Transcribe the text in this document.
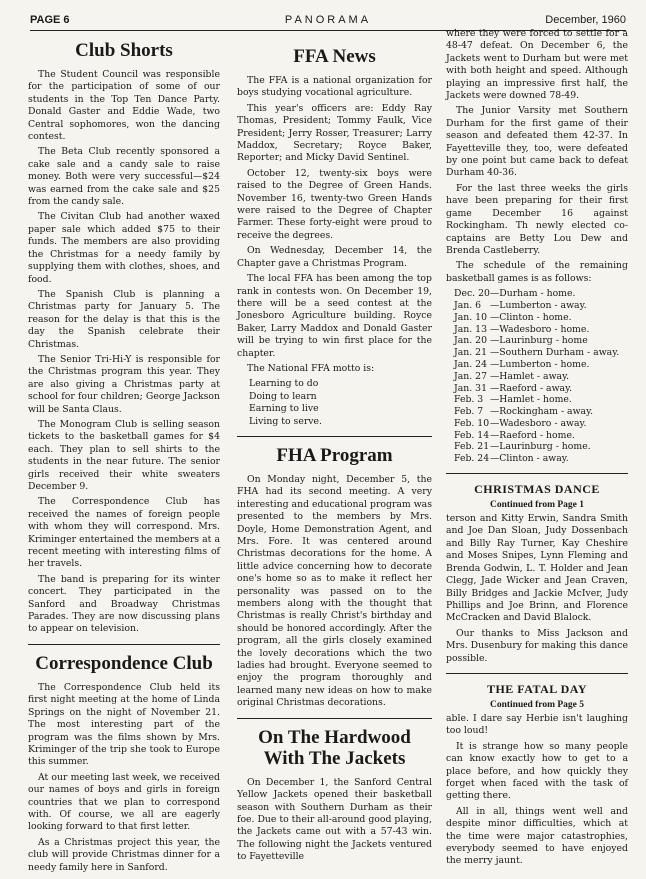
PAGE 6	PANORAMA	December, 1960
Club Shorts

The Student Council was responsible for the participation of some of our students in the Top Ten Dance Party. Donald Gaster and Eddie Wade, two Central sophomores, won the dancing contest.

The Beta Club recently sponsored a cake sale and a candy sale to raise money. Both were very successful—$24 was earned from the cake sale and $25 from the candy sale.

The Civitan Club had another waxed paper sale which added $75 to their funds. The members are also providing the Christmas for a needy family by supplying them with clothes, shoes, and food.

The Spanish Club is planning a Christmas party for January 5. The reason for the delay is that this is the day the Spanish celebrate their Christmas.

The Senior Tri-Hi-Y is responsible for the Christmas program this year. They are also giving a Christmas party at school for four children; George Jackson will be Santa Claus.

The Monogram Club is selling season tickets to the basketball games for $4 each. They plan to sell shirts to the students in the near future. The senior girls received their white sweaters December 9.

The Correspondence Club has received the names of foreign people with whom they will correspond. Mrs. Kriminger entertained the members at a recent meeting with interesting films of her travels.

The band is preparing for its winter concert. They participated in the Sanford and Broadway Christmas Parades. They are now discussing plans to appear on television.

Correspondence Club

The Correspondence Club held its first night meeting at the home of Linda Springs on the night of November 21. The most interesting part of the program was the films shown by Mrs. Kriminger of the trip she took to Europe this summer.

At our meeting last week, we received our names of boys and girls in foreign countries that we plan to correspond with. Of course, we all are eagerly looking forward to that first letter.

As a Christmas project this year, the club will provide Christmas dinner for a needy family here in Sanford.

FFA News

The FFA is a national organization for boys studying vocational agriculture.

This year's officers are: Eddy Ray Thomas, President; Tommy Faulk, Vice President; Jerry Rosser, Treasurer; Larry Maddox, Secretary; Royce Baker, Reporter; and Micky David Sentinel.

October 12, twenty-six boys were raised to the Degree of Green Hands. November 16, twenty-two Green Hands were raised to the Degree of Chapter Farmer. These forty-eight were proud to receive the degrees.

On Wednesday, December 14, the Chapter gave a Christmas Program.

The local FFA has been among the top rank in contests won. On December 19, there will be a seed contest at the Jonesboro Agriculture building. Royce Baker, Larry Maddox and Donald Gaster will be trying to win first place for the chapter.

The National FFA motto is:

Learning to do
Doing to learn
Earning to live
Living to serve.
FHA Program

On Monday night, December 5, the FHA had its second meeting. A very interesting and educational program was presented to the members by Mrs. Doyle, Home Demonstration Agent, and Mrs. Fore. It was centered around Christmas decorations for the home. A little advice concerning how to decorate one's home so as to make it reflect her personality was passed on to the members along with the thought that Christmas is really Christ's birthday and should be honored accordingly. After the program, all the girls closely examined the lovely decorations which the two ladies had brought. Everyone seemed to enjoy the program thoroughly and learned many new ideas on how to make original Christmas decorations.

On The Hardwood With The Jackets

On December 1, the Sanford Central Yellow Jackets opened their basketball season with Southern Durham as their foe. Due to their all-around good playing, the Jackets came out with a 57-43 win. The following night the Jackets ventured to Fayetteville

where they were forced to settle for a 48-47 defeat. On December 6, the Jackets went to Durham but were met with both height and speed. Although playing an impressive first half, the Jackets were downed 78-49.

The Junior Varsity met Southern Durham for the first game of their season and defeated them 42-37. In Fayetteville they, too, were defeated by one point but came back to defeat Durham 40-36.

For the last three weeks the girls have been preparing for their first game December 16 against Rockingham. Th newly elected co-captains are Betty Lou Dew and Brenda Castleberry.

The schedule of the remaining basketball games is as follows:

Dec. 20 —Durham - home.
Jan. 6 —Lumberton - away.
Jan. 10 —Clinton - home.
Jan. 13 —Wadesboro - home.
Jan. 20 —Laurinburg - home
Jan. 21 —Southern Durham - away.
Jan. 24 —Lumberton - home.
Jan. 27 —Hamlet - away.
Jan. 31 —Raeford - away.
Feb. 3 —Hamlet - home.
Feb. 7 —Rockingham - away.
Feb. 10 —Wadesboro - away.
Feb. 14 —Raeford - home.
Feb. 21 —Laurinburg - home.
Feb. 24 —Clinton - away.
CHRISTMAS DANCE
Continued from Page 1

terson and Kitty Erwin, Sandra Smith and Joe Dan Sloan, Judy Dossenbach and Billy Ray Turner, Kay Cheshire and Moses Snipes, Lynn Fleming and Brenda Godwin, L. T. Holder and Jean Clegg, Jade Wicker and Jean Craven, Billy Bridges and Jackie McIver, Judy Phillips and Joe Brinn, and Florence McCracken and David Blalock.

Our thanks to Miss Jackson and Mrs. Dusenbury for making this dance possible.

THE FATAL DAY
Continued from Page 5

able. I dare say Herbie isn't laughing too loud!

It is strange how so many people can know exactly how to get to a place before, and how quickly they forget when faced with the task of getting there.

All in all, things went well and despite minor difficulties, which at the time were major catastrophies, everybody seemed to have enjoyed the merry jaunt.
